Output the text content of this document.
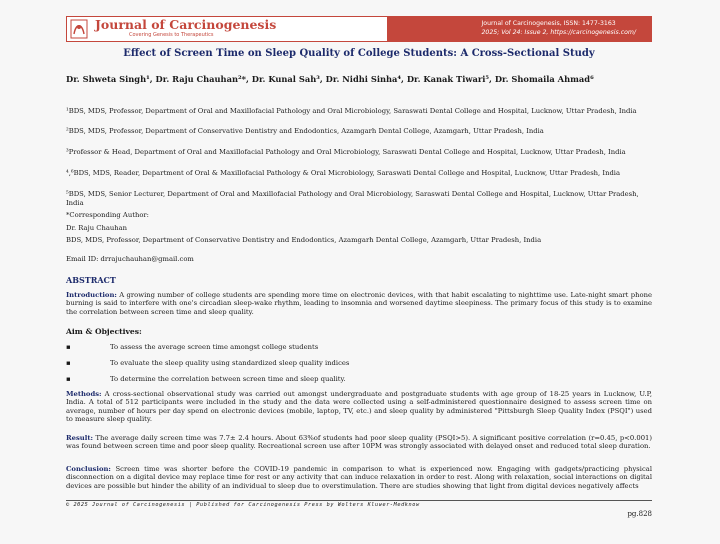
Journal of Carcinogenesis
Covering Genesis to Therapeutics
Journal of Carcinogenesis, ISSN: 1477-3163
2025; Vol 24: Issue 2, https://carcinogenesis.com/
Effect of Screen Time on Sleep Quality of College Students: A Cross-Sectional Study
Dr. Shweta Singh¹, Dr. Raju Chauhan²*, Dr. Kunal Sah³, Dr. Nidhi Sinha⁴, Dr. Kanak Tiwari⁵, Dr. Shomaila Ahmad⁶
¹BDS, MDS, Professor, Department of Oral and Maxillofacial Pathology and Oral Microbiology, Saraswati Dental College and Hospital, Lucknow, Uttar Pradesh, India
²BDS, MDS, Professor, Department of Conservative Dentistry and Endodontics, Azamgarh Dental College, Azamgarh, Uttar Pradesh, India
³Professor & Head, Department of Oral and Maxillofacial Pathology and Oral Microbiology, Saraswati Dental College and Hospital, Lucknow, Uttar Pradesh, India
⁴,⁶BDS, MDS, Reader, Department of Oral & Maxillofacial Pathology & Oral Microbiology, Saraswati Dental College and Hospital, Lucknow, Uttar Pradesh, India
⁵BDS, MDS, Senior Lecturer, Department of Oral and Maxillofacial Pathology and Oral Microbiology, Saraswati Dental College and Hospital, Lucknow, Uttar Pradesh, India
*Corresponding Author:
Dr. Raju Chauhan
BDS, MDS, Professor, Department of Conservative Dentistry and Endodontics, Azamgarh Dental College, Azamgarh, Uttar Pradesh, India
Email ID: drrajuchauhan@gmail.com
ABSTRACT
Introduction: A growing number of college students are spending more time on electronic devices, with that habit escalating to nighttime use. Late-night smart phone burning is said to interfere with one's circadian sleep-wake rhythm, leading to insomnia and worsened daytime sleepiness. The primary focus of this study is to examine the correlation between screen time and sleep quality.
Aim & Objectives:
▪	To assess the average screen time amongst college students
▪	To evaluate the sleep quality using standardized sleep quality indices
▪	To determine the correlation between screen time and sleep quality.
Methods: A cross-sectional observational study was carried out amongst undergraduate and postgraduate students with age group of 18-25 years in Lucknow, U.P, India. A total of 512 participants were included in the study and the data were collected using a self-administered questionnaire designed to assess screen time on average, number of hours per day spend on electronic devices (mobile, laptop, TV, etc.) and sleep quality by administered "Pittsburgh Sleep Quality Index (PSQI") used to measure sleep quality.
Result: The average daily screen time was 7.7± 2.4 hours. About 63%of students had poor sleep quality (PSQI>5). A significant positive correlation (r=0.45, p<0.001) was found between screen time and poor sleep quality. Recreational screen use after 10PM was strongly associated with delayed onset and reduced total sleep duration.
Conclusion: Screen time was shorter before the COVID-19 pandemic in comparison to what is experienced now. Engaging with gadgets/practicing physical disconnection on a digital device may replace time for rest or any activity that can induce relaxation in order to rest. Along with relaxation, social interactions on digital devices are possible but hinder the ability of an individual to sleep due to overstimulation. There are studies showing that light from digital devices negatively affects
© 2025 Journal of Carcinogenesis | Published for Carcinogenesis Press by Wolters Kluwer-Medknow
pg.828
